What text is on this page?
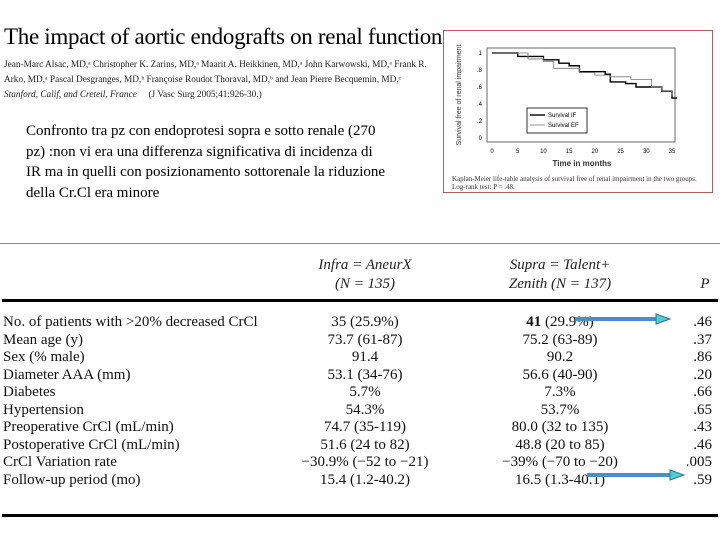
The impact of aortic endografts on renal function
Jean-Marc Alsac, MD,ᵃ Christopher K. Zarins, MD,ᵃ Maarit A. Heikkinen, MD,ᵃ John Karwowski, MD,ᵃ Frank R. Arko, MD,ᵃ Pascal Desgranges, MD,ᵇ Françoise Roudot Thoraval, MD,ᵇ and Jean Pierre Becquemin, MD,ᶜ Stanford, Calif, and Creteil, France (J Vasc Surg 2005;41:926-30.)
Confronto tra pz con endoprotesi sopra e sotto renale (270 pz) :non vi era una differenza significativa di incidenza di IR ma in quelli con posizionamento sottorenale la riduzione della Cr.Cl era minore
0	5	10	15	20	25	30	35
0
.2
.4
.6
.8
1
Time in months
Survival free of renal impairment	Survival IF
Survival EF
Kaplan-Meier life-table analysis of survival free of renal impairment in the two groups. Log-rank test: P = .48.
Infra = AneurX
(N = 135)
Supra = Talent+
Zenith (N = 137)	P
No. of patients with >20% decreased CrCl	35 (25.9%)	41 (29.9%)	.46
Mean age (y)	73.7 (61-87)	75.2 (63-89)	.37
Sex (% male)	91.4	90.2	.86
Diameter AAA (mm)	53.1 (34-76)	56.6 (40-90)	.20
Diabetes	5.7%	7.3%	.66
Hypertension	54.3%	53.7%	.65
Preoperative CrCl (mL/min)	74.7 (35-119)	80.0 (32 to 135)	.43
Postoperative CrCl (mL/min)	51.6 (24 to 82)	48.8 (20 to 85)	.46
CrCl Variation rate	−30.9% (−52 to −21)	−39% (−70 to −20)	.005
Follow-up period (mo)	15.4 (1.2-40.2)	16.5 (1.3-40.1)	.59
